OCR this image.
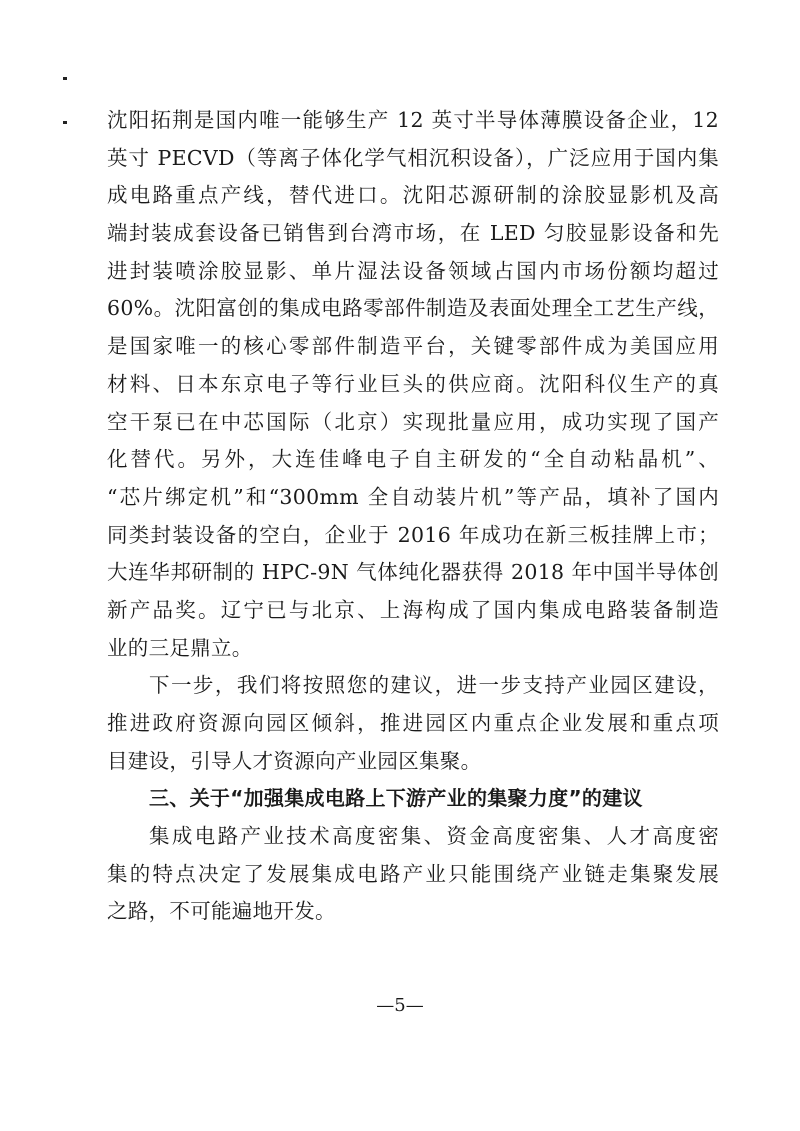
沈阳拓荆是国内唯一能够生产 12 英寸半导体薄膜设备企业，12
英寸 PECVD（等离子体化学气相沉积设备），广泛应用于国内集
成电路重点产线，替代进口。沈阳芯源研制的涂胶显影机及高
端封装成套设备已销售到台湾市场，在 LED 匀胶显影设备和先
进封装喷涂胶显影、单片湿法设备领域占国内市场份额均超过
60%。沈阳富创的集成电路零部件制造及表面处理全工艺生产线，
是国家唯一的核心零部件制造平台，关键零部件成为美国应用
材料、日本东京电子等行业巨头的供应商。沈阳科仪生产的真
空干泵已在中芯国际（北京）实现批量应用，成功实现了国产
化替代。另外，大连佳峰电子自主研发的“全自动粘晶机”、
“芯片绑定机”和“300mm 全自动装片机”等产品，填补了国内
同类封装设备的空白，企业于 2016 年成功在新三板挂牌上市；
大连华邦研制的 HPC-9N 气体纯化器获得 2018 年中国半导体创
新产品奖。辽宁已与北京、上海构成了国内集成电路装备制造
业的三足鼎立。
下一步，我们将按照您的建议，进一步支持产业园区建设，
推进政府资源向园区倾斜，推进园区内重点企业发展和重点项
目建设，引导人才资源向产业园区集聚。
三、关于“加强集成电路上下游产业的集聚力度”的建议
集成电路产业技术高度密集、资金高度密集、人才高度密
集的特点决定了发展集成电路产业只能围绕产业链走集聚发展
之路，不可能遍地开发。
—5—
